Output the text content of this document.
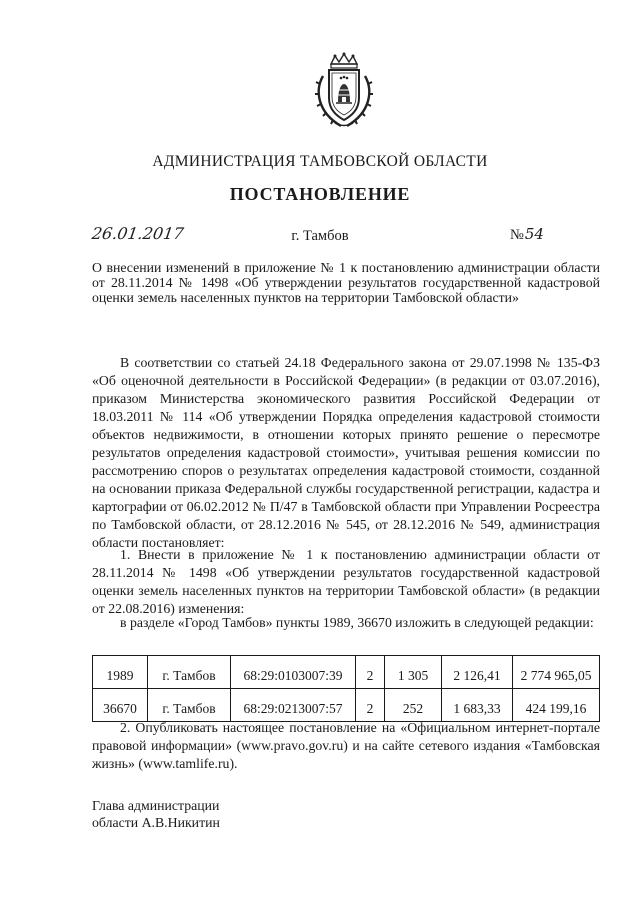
АДМИНИСТРАЦИЯ ТАМБОВСКОЙ ОБЛАСТИ
ПОСТАНОВЛЕНИЕ
26.01.2017	г. Тамбов	№54
О внесении изменений в приложение № 1 к постановлению администрации области от 28.11.2014 № 1498 «Об утверждении результатов государственной кадастровой оценки земель населенных пунктов на территории Тамбовской области»

В соответствии со статьей 24.18 Федерального закона от 29.07.1998 № 135-ФЗ «Об оценочной деятельности в Российской Федерации» (в редакции от 03.07.2016), приказом Министерства экономического развития Российской Федерации от 18.03.2011 № 114 «Об утверждении Порядка определения кадастровой стоимости объектов недвижимости, в отношении которых принято решение о пересмотре результатов определения кадастровой стоимости», учитывая решения комиссии по рассмотрению споров о результатах определения кадастровой стоимости, созданной на основании приказа Федеральной службы государственной регистрации, кадастра и картографии от 06.02.2012 № П/47 в Тамбовской области при Управлении Росреестра по Тамбовской области, от 28.12.2016 № 545, от 28.12.2016 № 549, администрация области постановляет:

1. Внести в приложение № 1 к постановлению администрации области от 28.11.2014 № 1498 «Об утверждении результатов государственной кадастровой оценки земель населенных пунктов на территории Тамбовской области» (в редакции от 22.08.2016) изменения:

в разделе «Город Тамбов» пункты 1989, 36670 изложить в следующей редакции:

1989	г. Тамбов	68:29:0103007:39	2	1 305	2 126,41	2 774 965,05
36670	г. Тамбов	68:29:0213007:57	2	252	1 683,33	424 199,16

2. Опубликовать настоящее постановление на «Официальном интернет-портале правовой информации» (www.pravo.gov.ru) и на сайте сетевого издания «Тамбовская жизнь» (www.tamlife.ru).

Глава администрации
области А.В.Никитин
